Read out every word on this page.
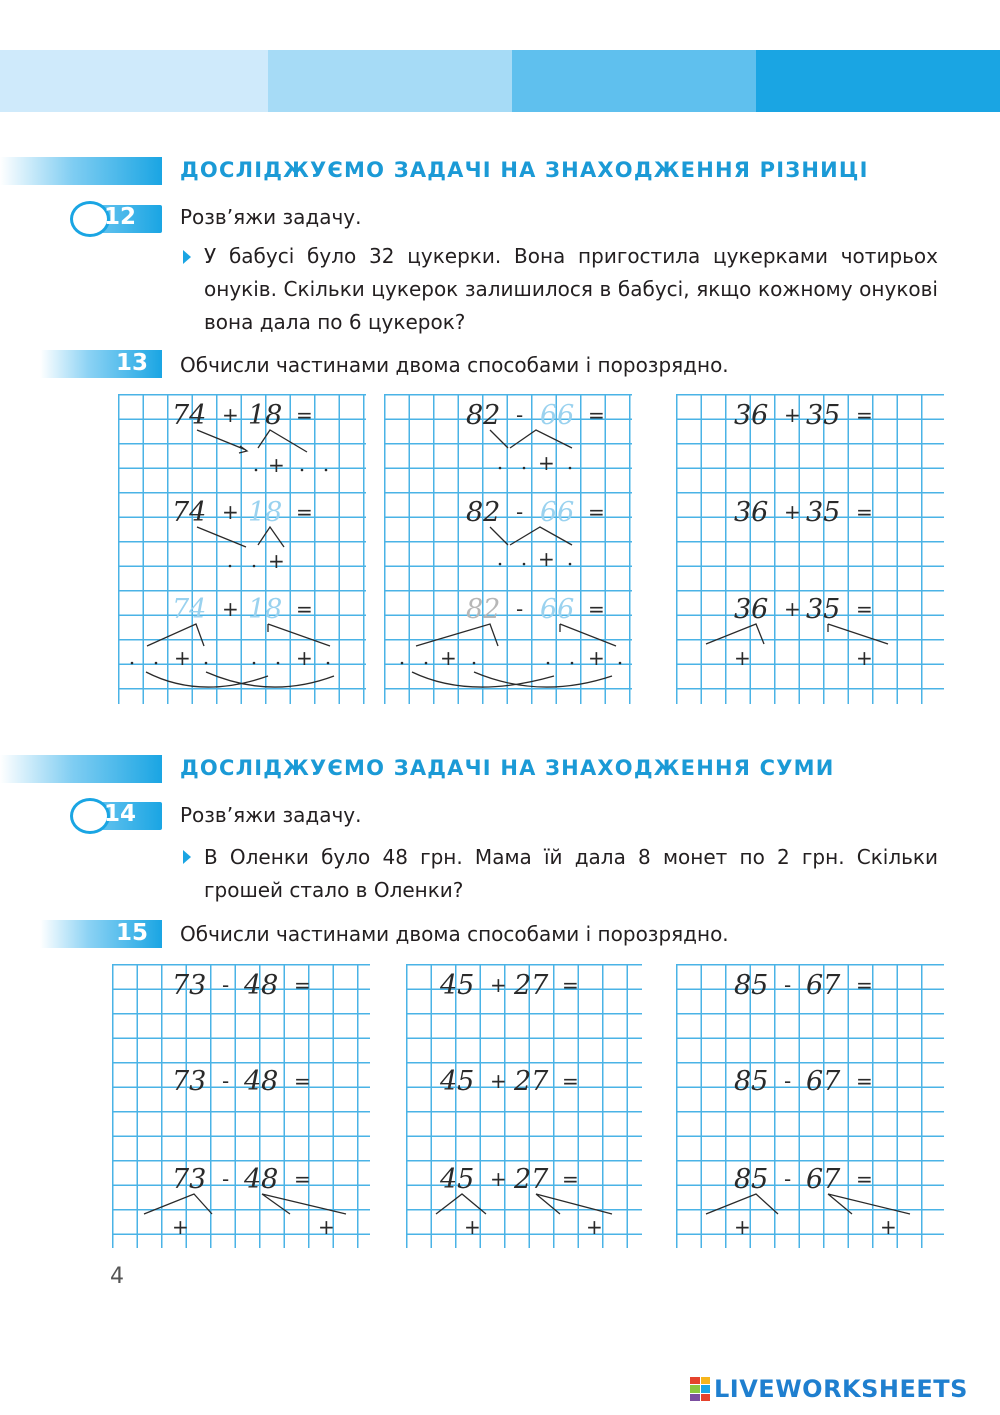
ДОСЛІДЖУЄМО ЗАДАЧІ НА ЗНАХОДЖЕННЯ РІЗНИЦІ
12 Розв’яжи задачу.
У бабусі було 32 цукерки. Вона пригостила цукерками чотирьох онуків. Скільки цукерок залишилося в бабусі, якщо кожному онукові вона дала по 6 цукерок?
13 Обчисли частинами двома способами і порозрядно.
74 + 18 =
+
74 + 18 =
+
74 + 18 =
+	+
82 - 66 =
+
82 - 66 =
+
82 - 66 =
+	+
36 + 35 =
36 + 35 =
36 + 35 =
+	+
ДОСЛІДЖУЄМО ЗАДАЧІ НА ЗНАХОДЖЕННЯ СУМИ
14 Розв’яжи задачу.
В Оленки було 48 грн. Мама їй дала 8 монет по 2 грн. Скільки грошей стало в Оленки?
15 Обчисли частинами двома способами і порозрядно.
73 - 48 =
73 - 48 =
73 - 48 =
+	+
45 + 27 =
45 + 27 =
45 + 27 =
+	+
85 - 67 =
85 - 67 =
85 - 67 =
+	+
4
LIVEWORKSHEETS
